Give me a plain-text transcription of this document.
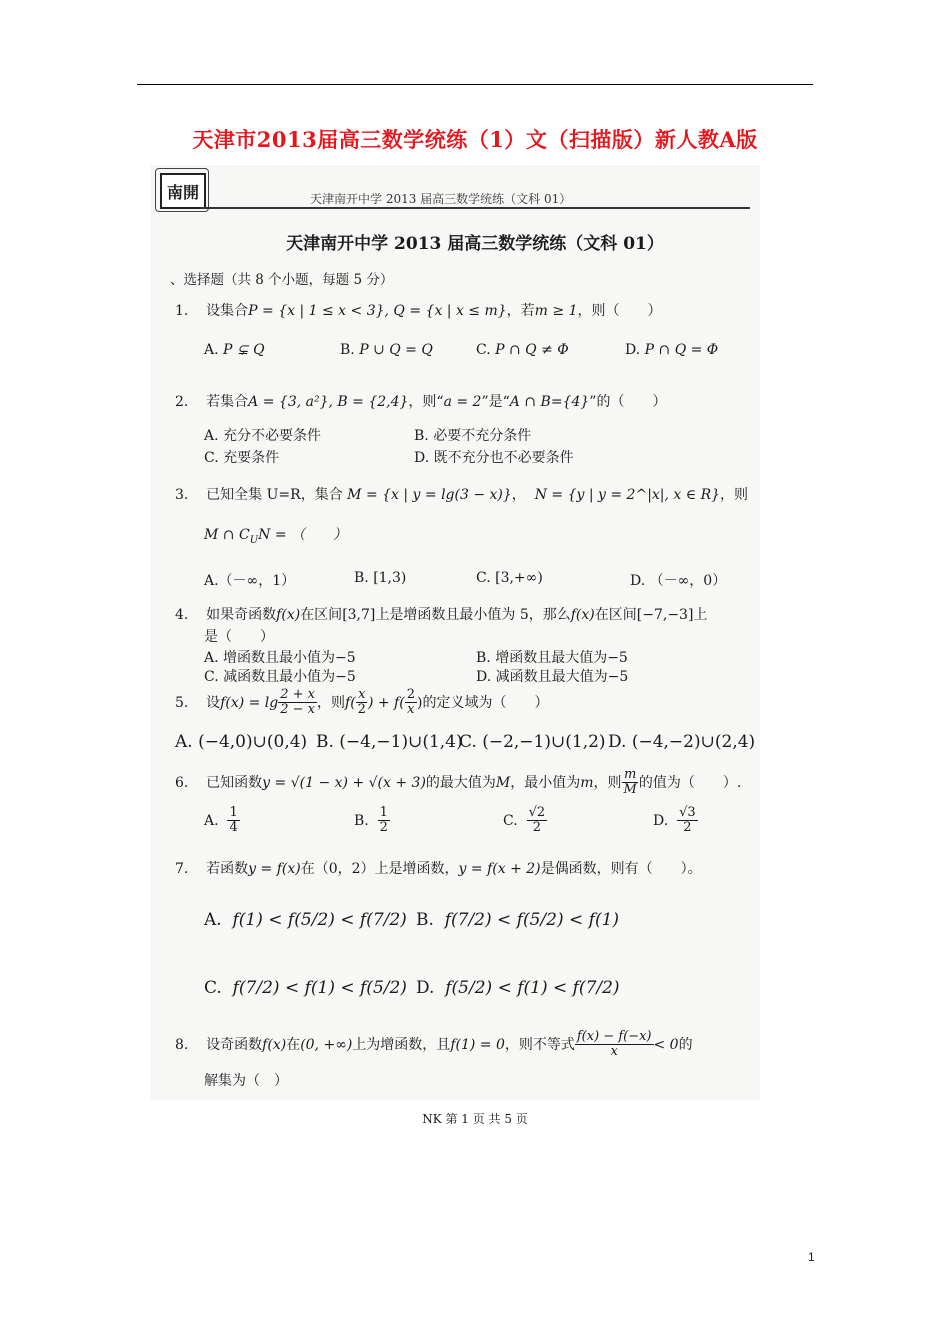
天津市2013届高三数学统练（1）文（扫描版）新人教A版
南開	天津南开中学 2013 届高三数学统练（文科 01）
天津南开中学 2013 届高三数学统练（文科 01）
、选择题（共 8 个小题，每题 5 分）
1. 设集合P = {x | 1 ≤ x < 3}, Q = {x | x ≤ m}，若m ≥ 1，则（　　）
A. P ⊊ Q	B. P ∪ Q = Q	C. P ∩ Q ≠ Φ	D. P ∩ Q = Φ
2. 若集合A = {3, a²}, B = {2,4}，则“a = 2”是“A ∩ B={4}”的（　　）
A. 充分不必要条件	B. 必要不充分条件
C. 充要条件	D. 既不充分也不必要条件
3. 已知全集 U=R，集合 M = {x | y = lg(3 − x)}， N = {y | y = 2^|x|, x ∈ R}，则
M ∩ $C_UN$ = （　　）
A.（－∞，1）	B. [1,3)	C. [3,+∞)	D. （－∞，0）
4. 如果奇函数f(x)在区间[3,7]上是增函数且最小值为 5，那么f(x)在区间[−7,−3]上
是（　　）
A. 增函数且最小值为−5	B. 增函数且最大值为−5
C. 减函数且最小值为−5	D. 减函数且最大值为−5
5. 设$f(x) = \lg \frac{2 + x}{2 - x}$ ，则$f( \frac{x}{2}$ ) + $f( \frac{2}{x}$ )的定义域为（　　）
A. (−4,0)∪(0,4) B. (−4,−1)∪(1,4)
C. (−2,−1)∪(1,2) D. (−4,−2)∪(2,4)
6. 已知函数y = √(1 − x) + √(x + 3)的最大值为M，最小值为m，则 $\frac{m}{M}$ 的值为（　　）.
A. $\frac{1}{4}$	B. $\frac{1}{2}$	C. $\frac{√2}{2}$	D. $\frac{√3}{2}$
7. 若函数y = f(x)在（0，2）上是增函数，y = f(x + 2)是偶函数，则有（　　）。
A. f(1) < f(5/2) < f(7/2) B. f(7/2) < f(5/2) < f(1)
C. f(7/2) < f(1) < f(5/2) D. f(5/2) < f(1) < f(7/2)
8. 设奇函数f(x)在(0, +∞)上为增函数，且f(1) = 0，则不等式 $\frac{f(x) - f(-x)}{x} < 0$的
解集为（　）
NK 第 1 页 共 5 页
1
